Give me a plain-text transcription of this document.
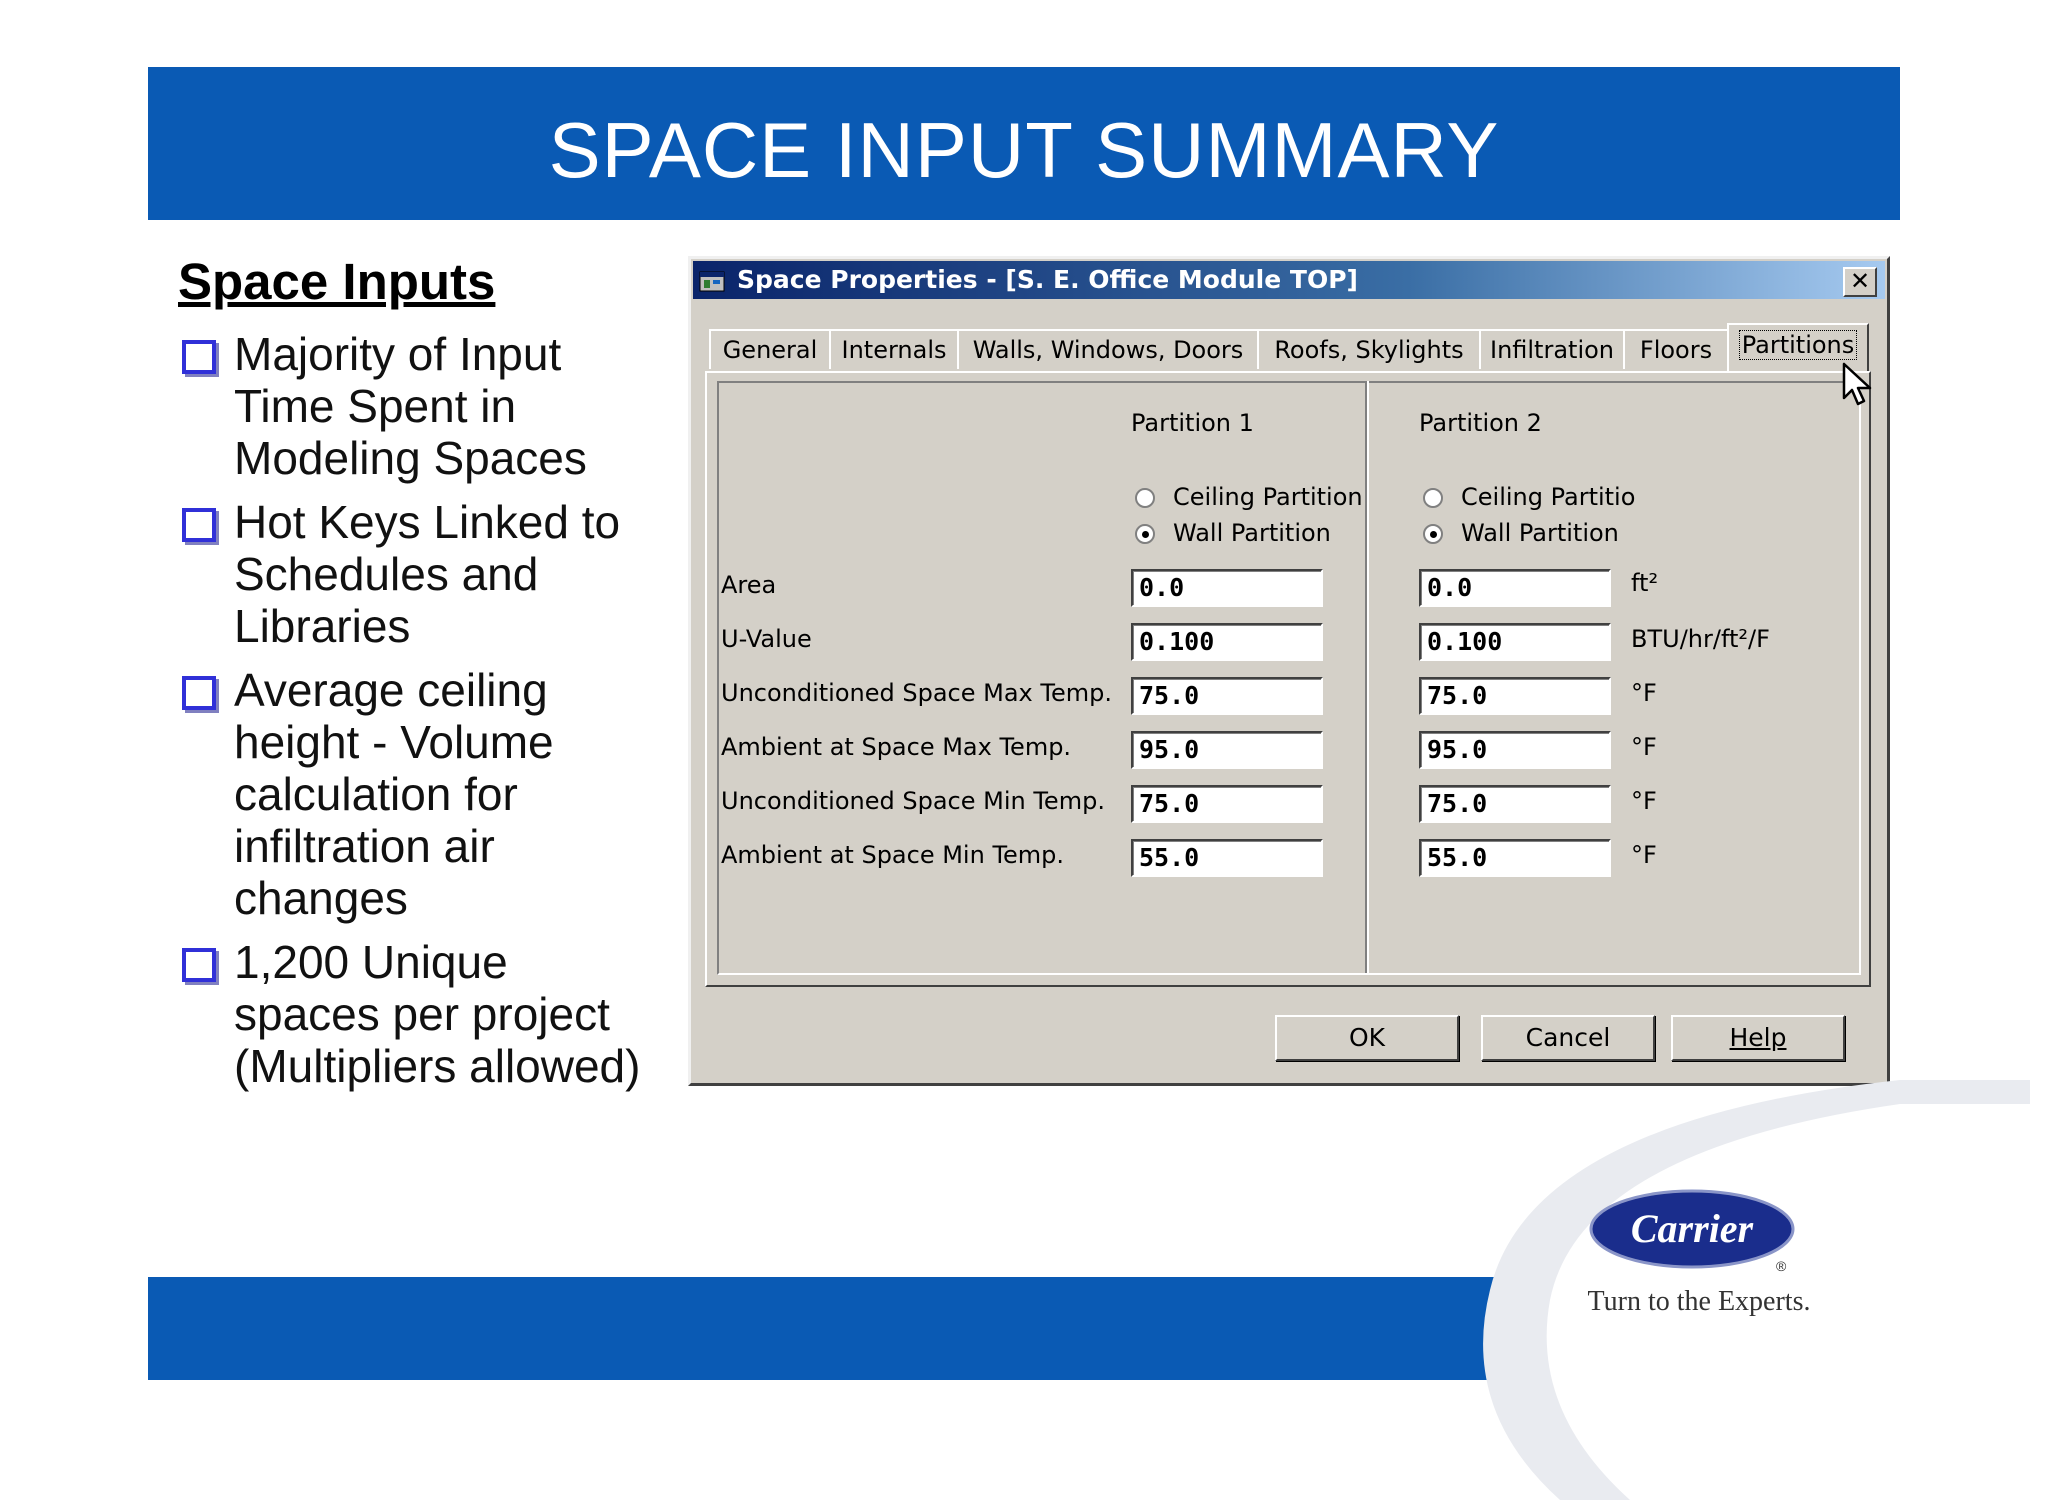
SPACE INPUT SUMMARY
Space Inputs
Majority of Input
Time Spent in
Modeling Spaces
Hot Keys Linked to
Schedules and
Libraries
Average ceiling
height - Volume
calculation for
infiltration air
changes
1,200 Unique
spaces per project
(Multipliers allowed)
Space Properties - [S. E. Office Module TOP]	✕
General	Internals	Walls, Windows, Doors	Roofs, Skylights	Infiltration	Floors	Partitions
Partition 1	Partition 2
Ceiling Partition
Wall Partition
Ceiling Partitio
Wall Partition
Area	0.0	0.0	ft²
U-Value	0.100	0.100	BTU/hr/ft²/F
Unconditioned Space Max Temp.	75.0	75.0	°F
Ambient at Space Max Temp.	95.0	95.0	°F
Unconditioned Space Min Temp.	75.0	75.0	°F
Ambient at Space Min Temp.	55.0	55.0	°F
OK	Cancel	Help
Carrier
®
Turn to the Experts.
